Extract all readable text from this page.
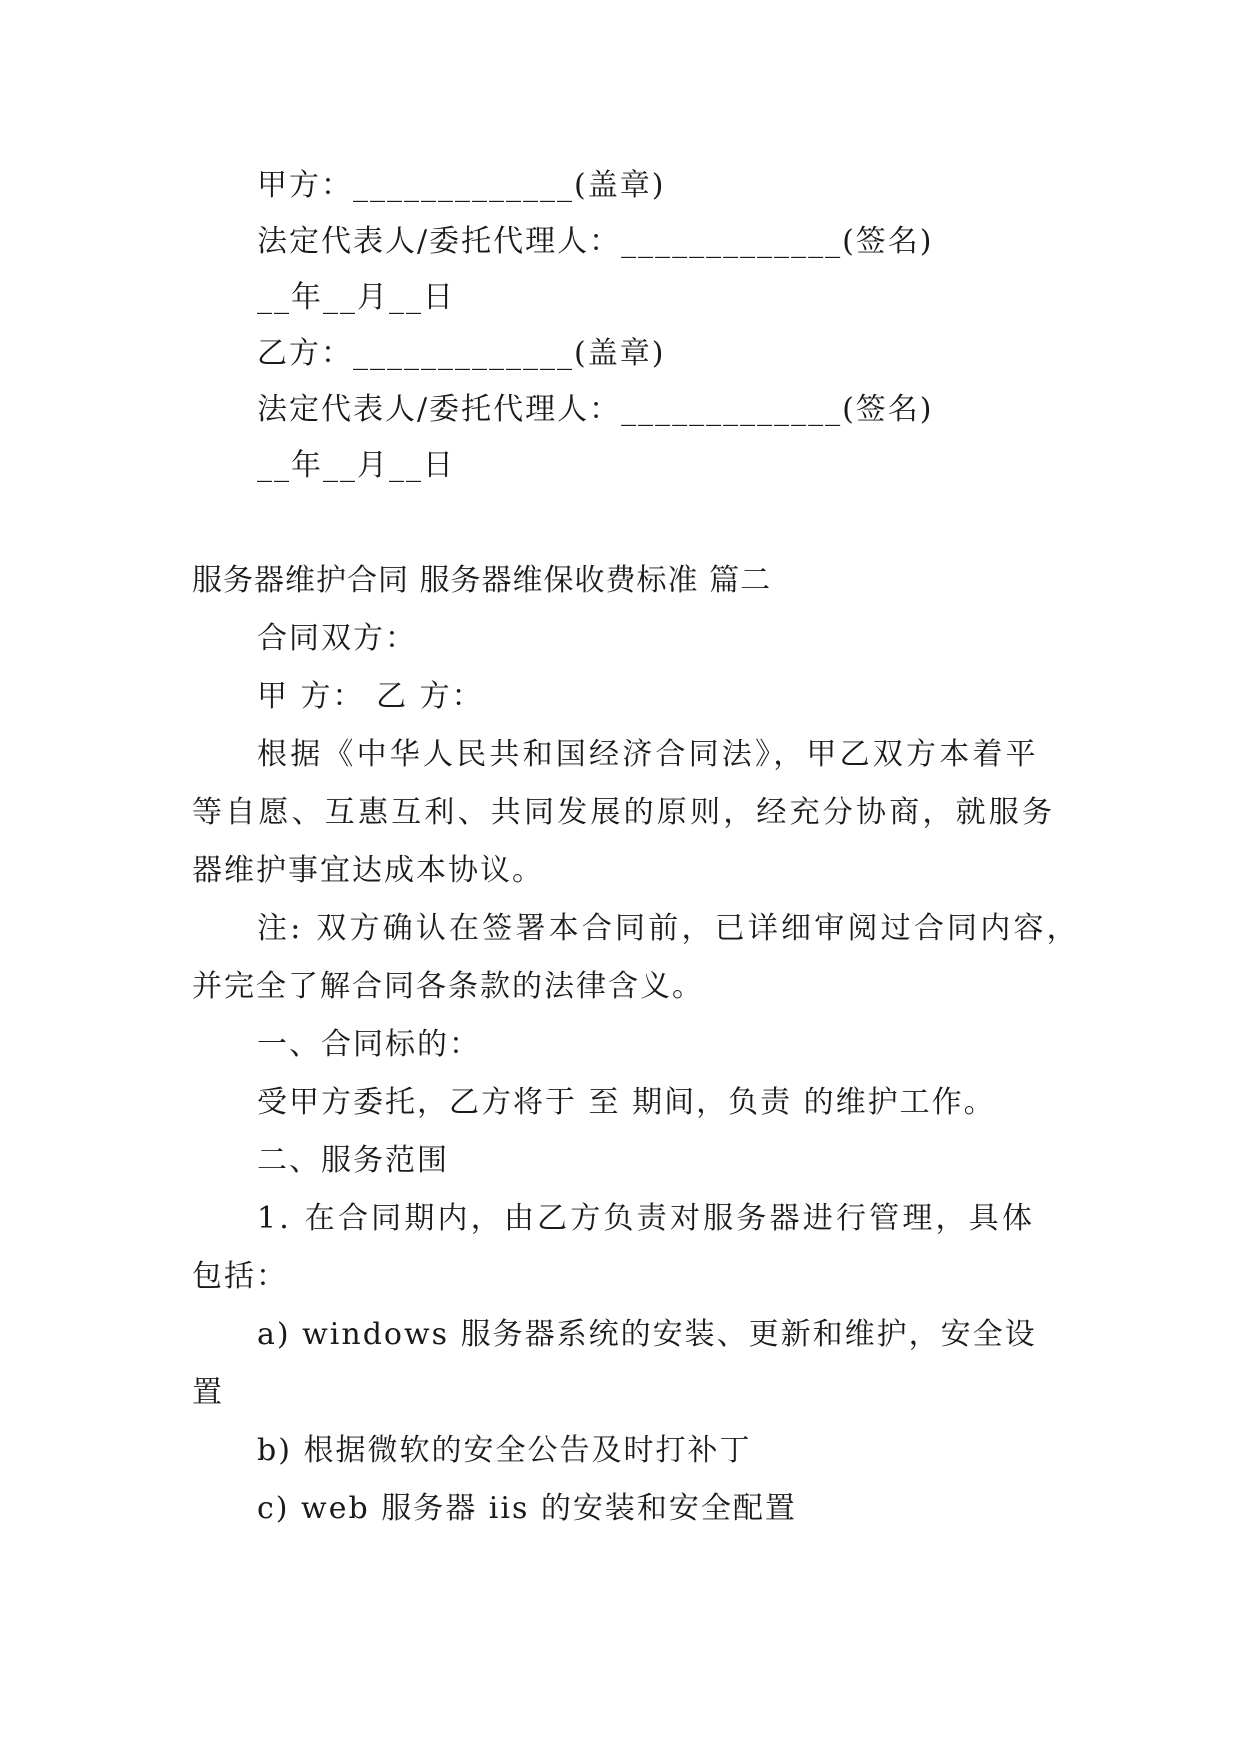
甲方：_____________(盖章)
法定代表人/委托代理人：_____________(签名)
__年__月__日
乙方：_____________(盖章)
法定代表人/委托代理人：_____________(签名)
__年__月__日
服务器维护合同 服务器维保收费标准 篇二
合同双方：
甲 方： 乙 方：
根据《中华人民共和国经济合同法》，甲乙双方本着平
等自愿、互惠互利、共同发展的原则，经充分协商，就服务
器维护事宜达成本协议。
注: 双方确认在签署本合同前，已详细审阅过合同内容，
并完全了解合同各条款的法律含义。
一、合同标的：
受甲方委托，乙方将于 至 期间，负责 的维护工作。
二、服务范围
1. 在合同期内，由乙方负责对服务器进行管理，具体
包括：
a) windows 服务器系统的安装、更新和维护，安全设
置
b) 根据微软的安全公告及时打补丁
c) web 服务器 iis 的安装和安全配置
